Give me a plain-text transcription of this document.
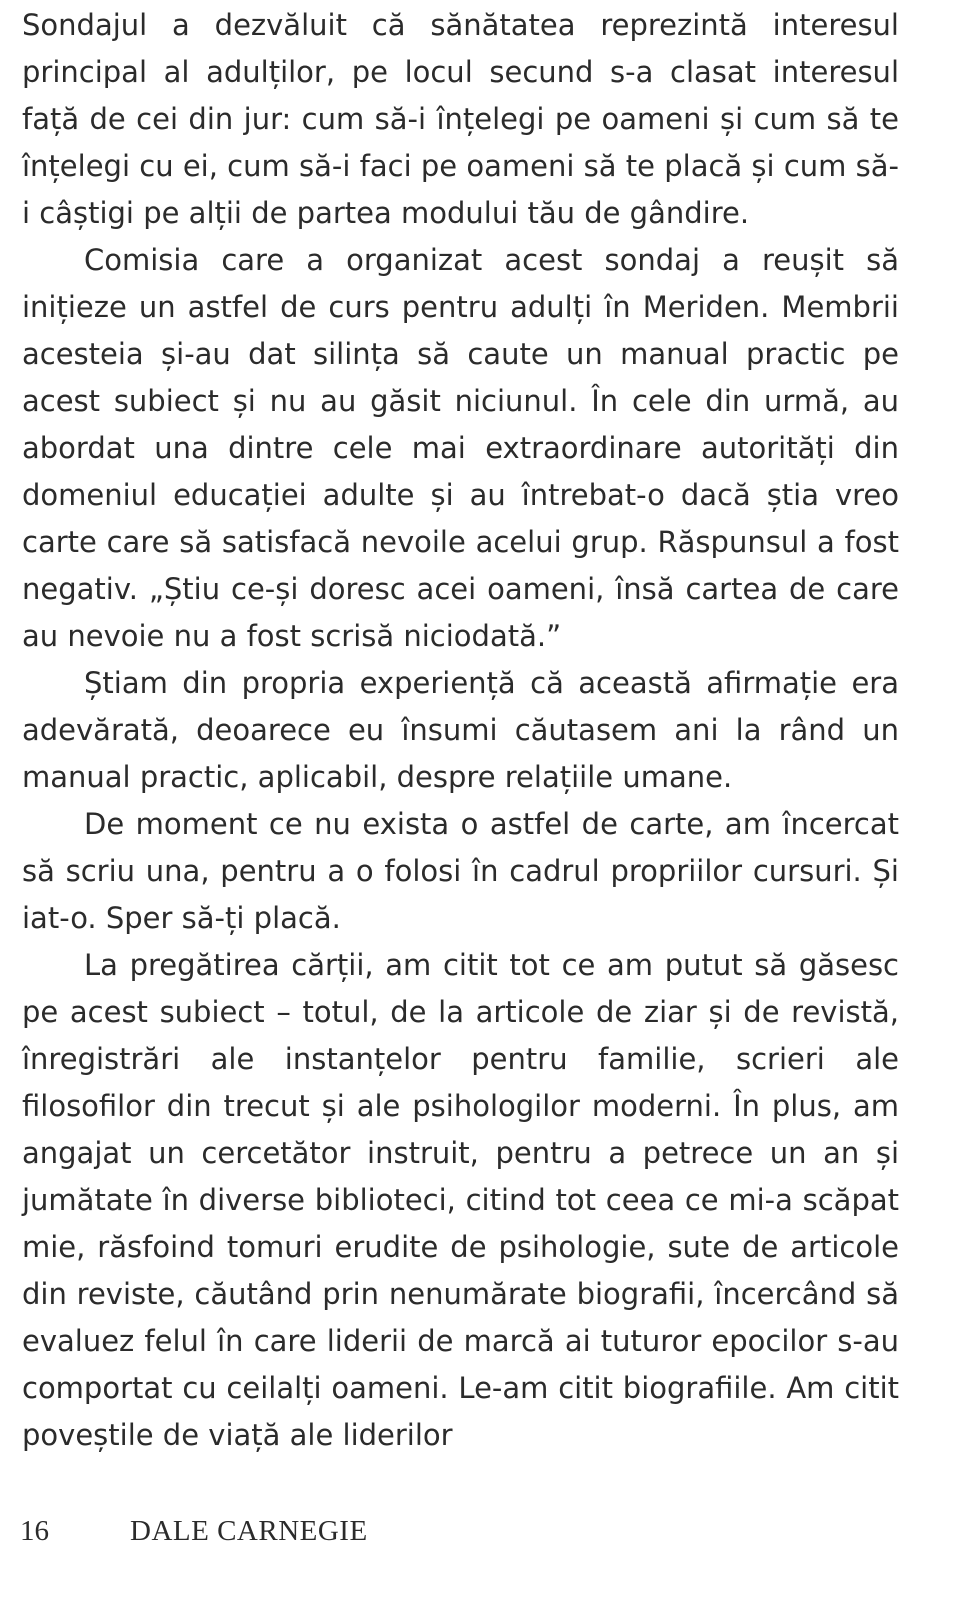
Sondajul a dezvăluit că sănătatea reprezintă interesul principal al adulților, pe locul secund s-a clasat interesul față de cei din jur: cum să-i înțelegi pe oameni și cum să te înțelegi cu ei, cum să-i faci pe oameni să te placă și cum să-i câștigi pe alții de partea modului tău de gândire.

Comisia care a organizat acest sondaj a reușit să inițieze un astfel de curs pentru adulți în Meriden. Membrii acesteia și-au dat silința să caute un manual practic pe acest subiect și nu au găsit niciunul. În cele din urmă, au abordat una dintre cele mai extraordinare autorități din domeniul educației adulte și au întrebat-o dacă știa vreo carte care să satisfacă nevoile acelui grup. Răspunsul a fost negativ. „Știu ce-și doresc acei oameni, însă cartea de care au nevoie nu a fost scrisă niciodată.”

Știam din propria experiență că această afirmație era adevărată, deoarece eu însumi căutasem ani la rând un manual practic, aplicabil, despre relațiile umane.

De moment ce nu exista o astfel de carte, am încercat să scriu una, pentru a o folosi în cadrul propriilor cursuri. Și iat-o. Sper să-ți placă.

La pregătirea cărții, am citit tot ce am putut să găsesc pe acest subiect – totul, de la articole de ziar și de revistă, înregistrări ale instanțelor pentru familie, scrieri ale filosofilor din trecut și ale psihologilor moderni. În plus, am angajat un cercetător instruit, pentru a petrece un an și jumătate în diverse biblioteci, citind tot ceea ce mi-a scăpat mie, răsfoind tomuri erudite de psihologie, sute de articole din reviste, căutând prin nenumărate biografii, încercând să evaluez felul în care liderii de marcă ai tuturor epocilor s-au comportat cu ceilalți oameni. Le-am citit biografiile. Am citit poveștile de viață ale liderilor

16	DALE CARNEGIE
